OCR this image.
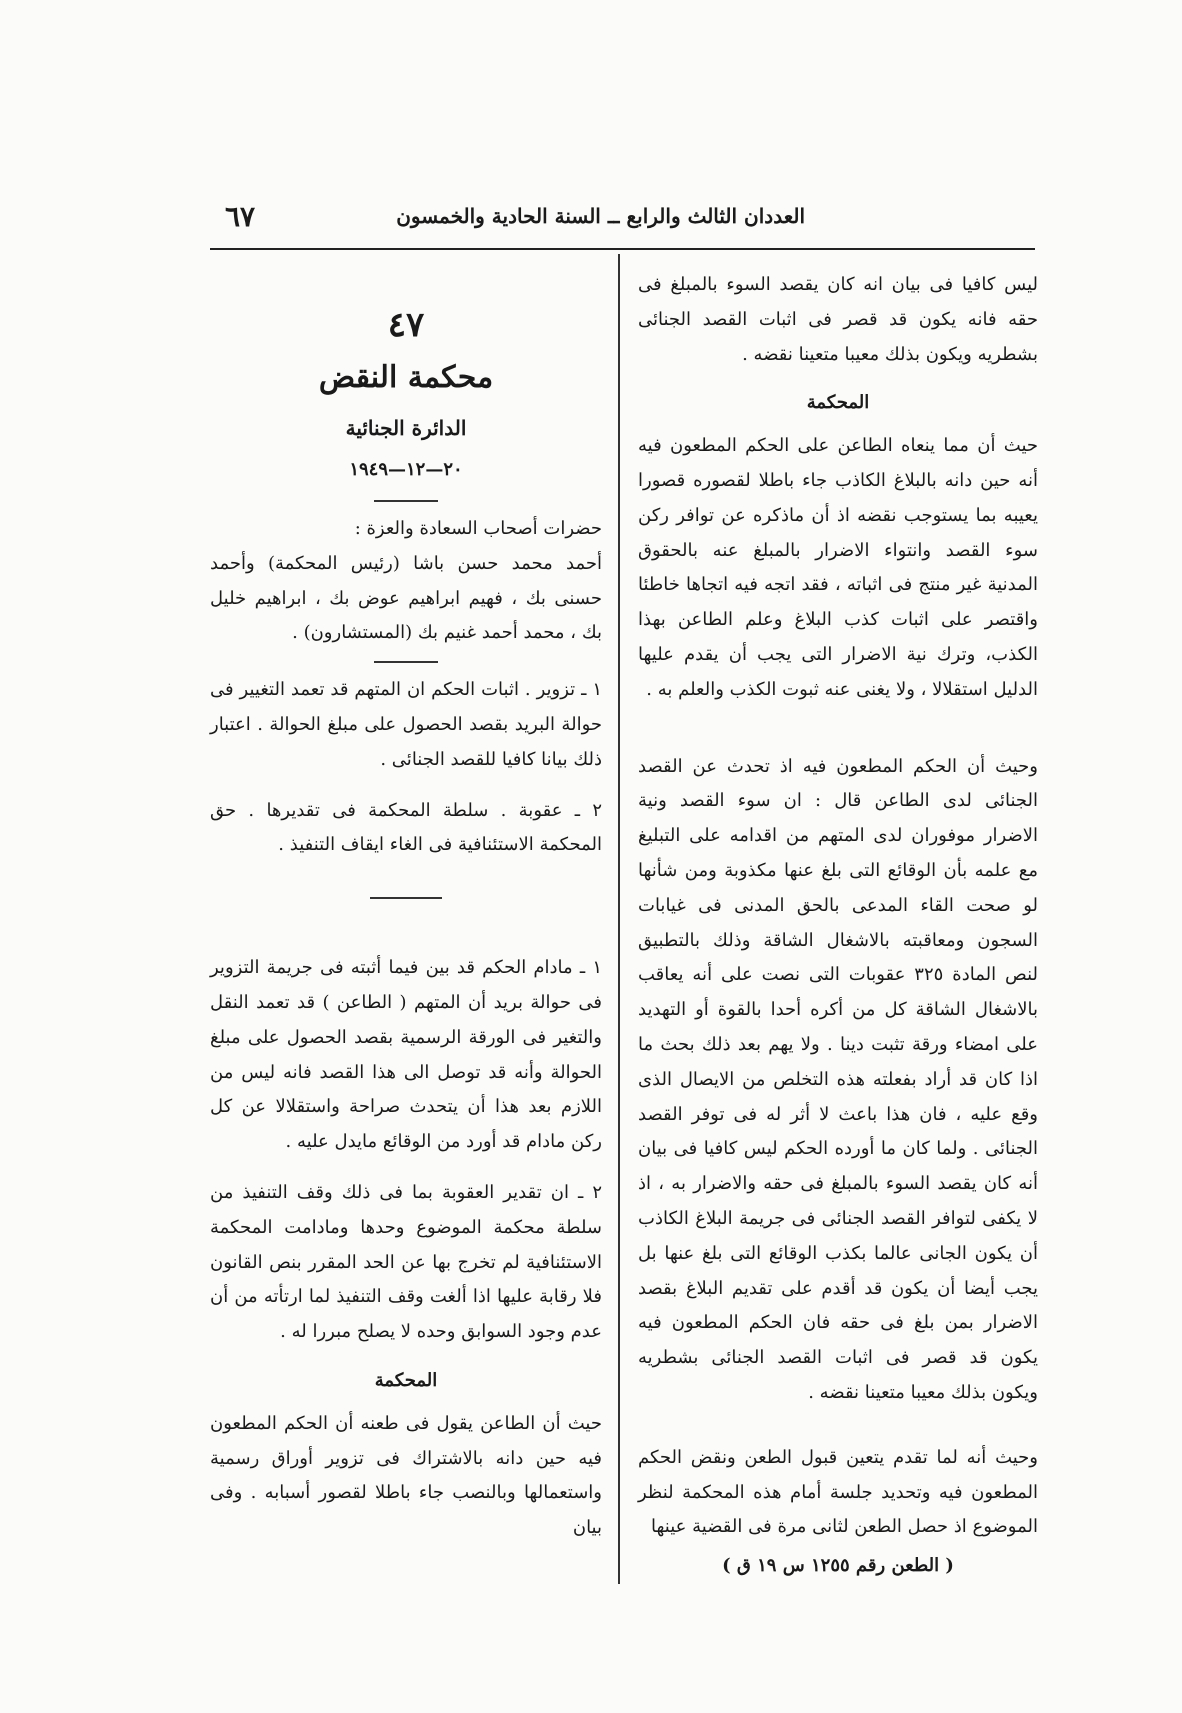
العددان الثالث والرابع ــ السنة الحادية والخمسون
٦٧

ليس كافيا فى بيان انه كان يقصد السوء بالمبلغ فى حقه فانه يكون قد قصر فى اثبات القصد الجنائى بشطريه ويكون بذلك معيبا متعينا نقضه .

المحكمة

حيث أن مما ينعاه الطاعن على الحكم المطعون فيه أنه حين دانه بالبلاغ الكاذب جاء باطلا لقصوره قصورا يعيبه بما يستوجب نقضه اذ أن ماذكره عن توافر ركن سوء القصد وانتواء الاضرار بالمبلغ عنه بالحقوق المدنية غير منتج فى اثباته ، فقد اتجه فيه اتجاها خاطئا واقتصر على اثبات كذب البلاغ وعلم الطاعن بهذا الكذب، وترك نية الاضرار التى يجب أن يقدم عليها الدليل استقلالا ، ولا يغنى عنه ثبوت الكذب والعلم به .

وحيث أن الحكم المطعون فيه اذ تحدث عن القصد الجنائى لدى الطاعن قال : ان سوء القصد ونية الاضرار موفوران لدى المتهم من اقدامه على التبليغ مع علمه بأن الوقائع التى بلغ عنها مكذوبة ومن شأنها لو صحت القاء المدعى بالحق المدنى فى غيابات السجون ومعاقبته بالاشغال الشاقة وذلك بالتطبيق لنص المادة ٣٢٥ عقوبات التى نصت على أنه يعاقب بالاشغال الشاقة كل من أكره أحدا بالقوة أو التهديد على امضاء ورقة تثبت دينا . ولا يهم بعد ذلك بحث ما اذا كان قد أراد بفعلته هذه التخلص من الايصال الذى وقع عليه ، فان هذا باعث لا أثر له فى توفر القصد الجنائى . ولما كان ما أورده الحكم ليس كافيا فى بيان أنه كان يقصد السوء بالمبلغ فى حقه والاضرار به ، اذ لا يكفى لتوافر القصد الجنائى فى جريمة البلاغ الكاذب أن يكون الجانى عالما بكذب الوقائع التى بلغ عنها بل يجب أيضا أن يكون قد أقدم على تقديم البلاغ بقصد الاضرار بمن بلغ فى حقه فان الحكم المطعون فيه يكون قد قصر فى اثبات القصد الجنائى بشطريه ويكون بذلك معيبا متعينا نقضه .

وحيث أنه لما تقدم يتعين قبول الطعن ونقض الحكم المطعون فيه وتحديد جلسة أمام هذه المحكمة لنظر الموضوع اذ حصل الطعن لثانى مرة فى القضية عينها

( الطعن رقم ١٢٥٥ س ١٩ ق )
٤٧
محكمة النقض
الدائرة الجنائية
٢٠—١٢—١٩٤٩

حضرات أصحاب السعادة والعزة :

أحمد محمد حسن باشا (رئيس المحكمة) وأحمد حسنى بك ، فهيم ابراهيم عوض بك ، ابراهيم خليل بك ، محمد أحمد غنيم بك (المستشارون) .

١ ـ تزوير . اثبات الحكم ان المتهم قد تعمد التغيير فى حوالة البريد بقصد الحصول على مبلغ الحوالة . اعتبار ذلك بيانا كافيا للقصد الجنائى .

٢ ـ عقوبة . سلطة المحكمة فى تقديرها . حق المحكمة الاستئنافية فى الغاء ايقاف التنفيذ .

١ ـ مادام الحكم قد بين فيما أثبته فى جريمة التزوير فى حوالة بريد أن المتهم ( الطاعن ) قد تعمد النقل والتغير فى الورقة الرسمية بقصد الحصول على مبلغ الحوالة وأنه قد توصل الى هذا القصد فانه ليس من اللازم بعد هذا أن يتحدث صراحة واستقلالا عن كل ركن مادام قد أورد من الوقائع مايدل عليه .

٢ ـ ان تقدير العقوبة بما فى ذلك وقف التنفيذ من سلطة محكمة الموضوع وحدها ومادامت المحكمة الاستئنافية لم تخرج بها عن الحد المقرر بنص القانون فلا رقابة عليها اذا ألغت وقف التنفيذ لما ارتأته من أن عدم وجود السوابق وحده لا يصلح مبررا له .

المحكمة

حيث أن الطاعن يقول فى طعنه أن الحكم المطعون فيه حين دانه بالاشتراك فى تزوير أوراق رسمية واستعمالها وبالنصب جاء باطلا لقصور أسبابه . وفى بيان
